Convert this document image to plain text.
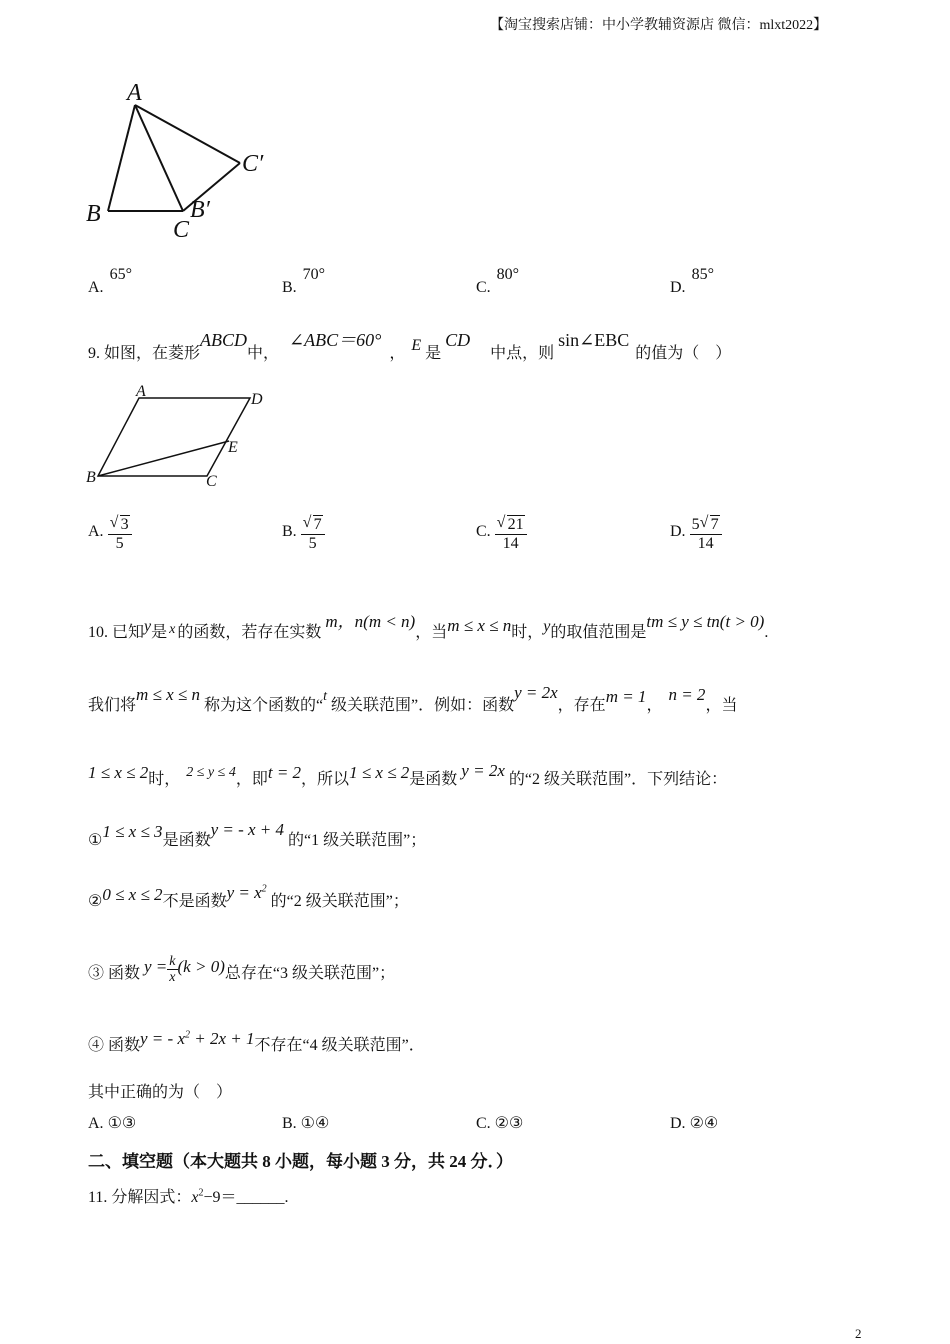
【淘宝搜索店铺：中小学教辅资源店 微信：mlxt2022】
A
B
C
B′
C′
A. 65°
B. 70°
C. 80°
D. 85°
9. 如图，在菱形ABCD中， ∠ABC＝60°， E 是 CD 中点，则sin∠EBC的值为（　）
A	D
E
B	C
A. $\frac{√ 3}{5}$	B. $\frac{√ 7}{5}$	C. $\frac{√ 21}{14}$	D. $\frac{5 √ 7}{14}$
10. 已知y是 x 的函数，若存在实数 m，n(m < n)，当m ≤ x ≤ n时，y的取值范围是tm ≤ y ≤ tn(t > 0).
我们将m ≤ x ≤ n 称为这个函数的“t 级关联范围”．例如：函数y = 2x，存在m = 1，n = 2，当
1 ≤ x ≤ 2时， 2 ≤ y ≤ 4，即t = 2，所以1 ≤ x ≤ 2是函数 y = 2x 的“2 级关联范围”．下列结论：
①1 ≤ x ≤ 3是函数y = - x + 4 的“1 级关联范围”；
②0 ≤ x ≤ 2不是函数$y = x^2$ 的“2 级关联范围”；
③ 函数 $y = \frac{k}{x} (k > 0)$总存在“3 级关联范围”；
④ 函数y = - $x^2 + 2x + 1$不存在“4 级关联范围”．
其中正确的为（　）
A. ①③	B. ①④	C. ②③	D. ②④
二、填空题（本大题共 8 小题，每小题 3 分，共 24 分．）
11. 分解因式：$x^2-9=\_\_\_\_\_\_$.
2
